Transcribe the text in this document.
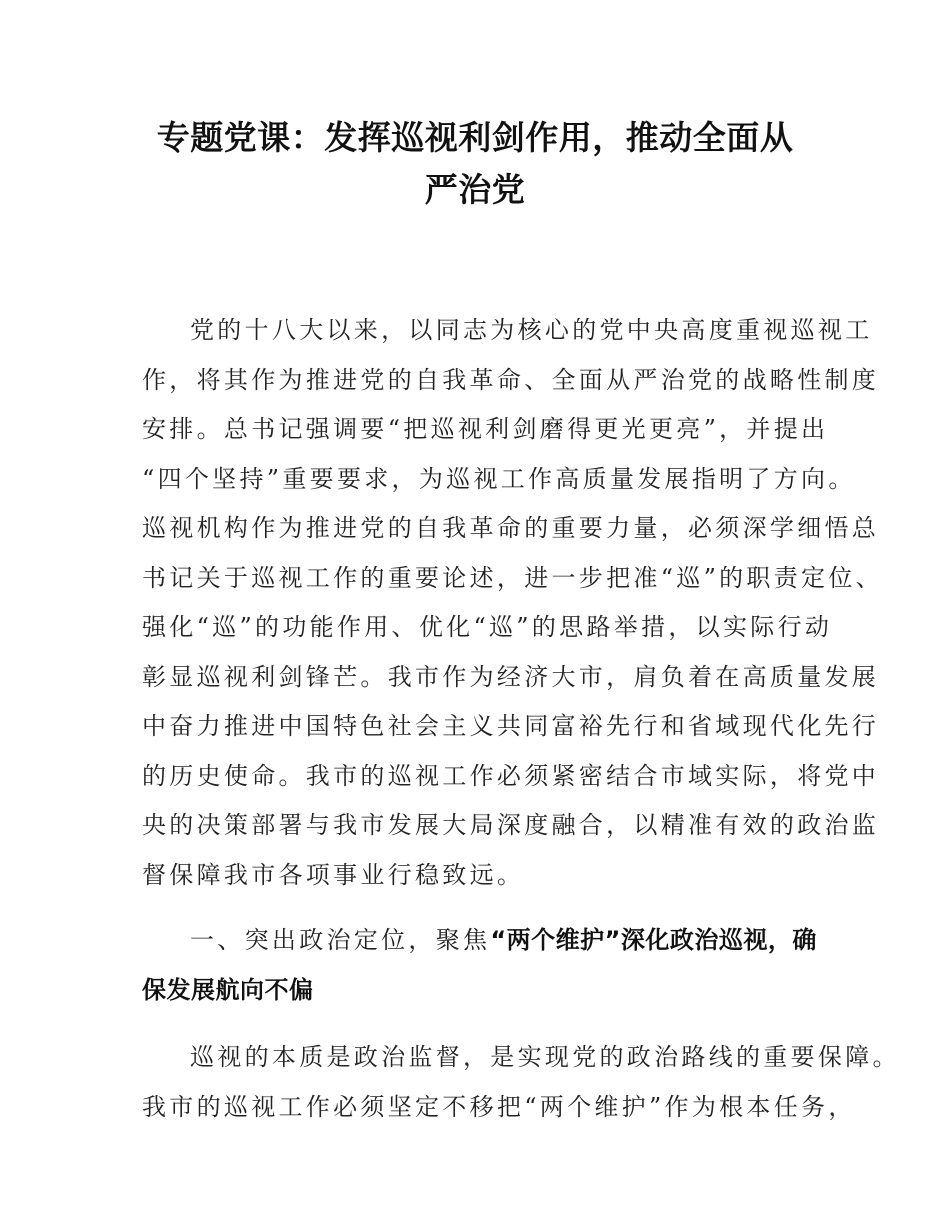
专题党课：发挥巡视利剑作用，推动全面从
严治党
党的十八大以来，以同志为核心的党中央高度重视巡视工
作，将其作为推进党的自我革命、全面从严治党的战略性制度
安排。总书记强调要“把巡视利剑磨得更光更亮”，并提出
“四个坚持”重要要求，为巡视工作高质量发展指明了方向。
巡视机构作为推进党的自我革命的重要力量，必须深学细悟总
书记关于巡视工作的重要论述，进一步把准“巡”的职责定位、
强化“巡”的功能作用、优化“巡”的思路举措，以实际行动
彰显巡视利剑锋芒。我市作为经济大市，肩负着在高质量发展
中奋力推进中国特色社会主义共同富裕先行和省域现代化先行
的历史使命。我市的巡视工作必须紧密结合市域实际，将党中
央的决策部署与我市发展大局深度融合，以精准有效的政治监
督保障我市各项事业行稳致远。
一、突出政治定位，聚焦“两个维护”深化政治巡视，确
保发展航向不偏
巡视的本质是政治监督，是实现党的政治路线的重要保障。
我市的巡视工作必须坚定不移把“两个维护”作为根本任务，
